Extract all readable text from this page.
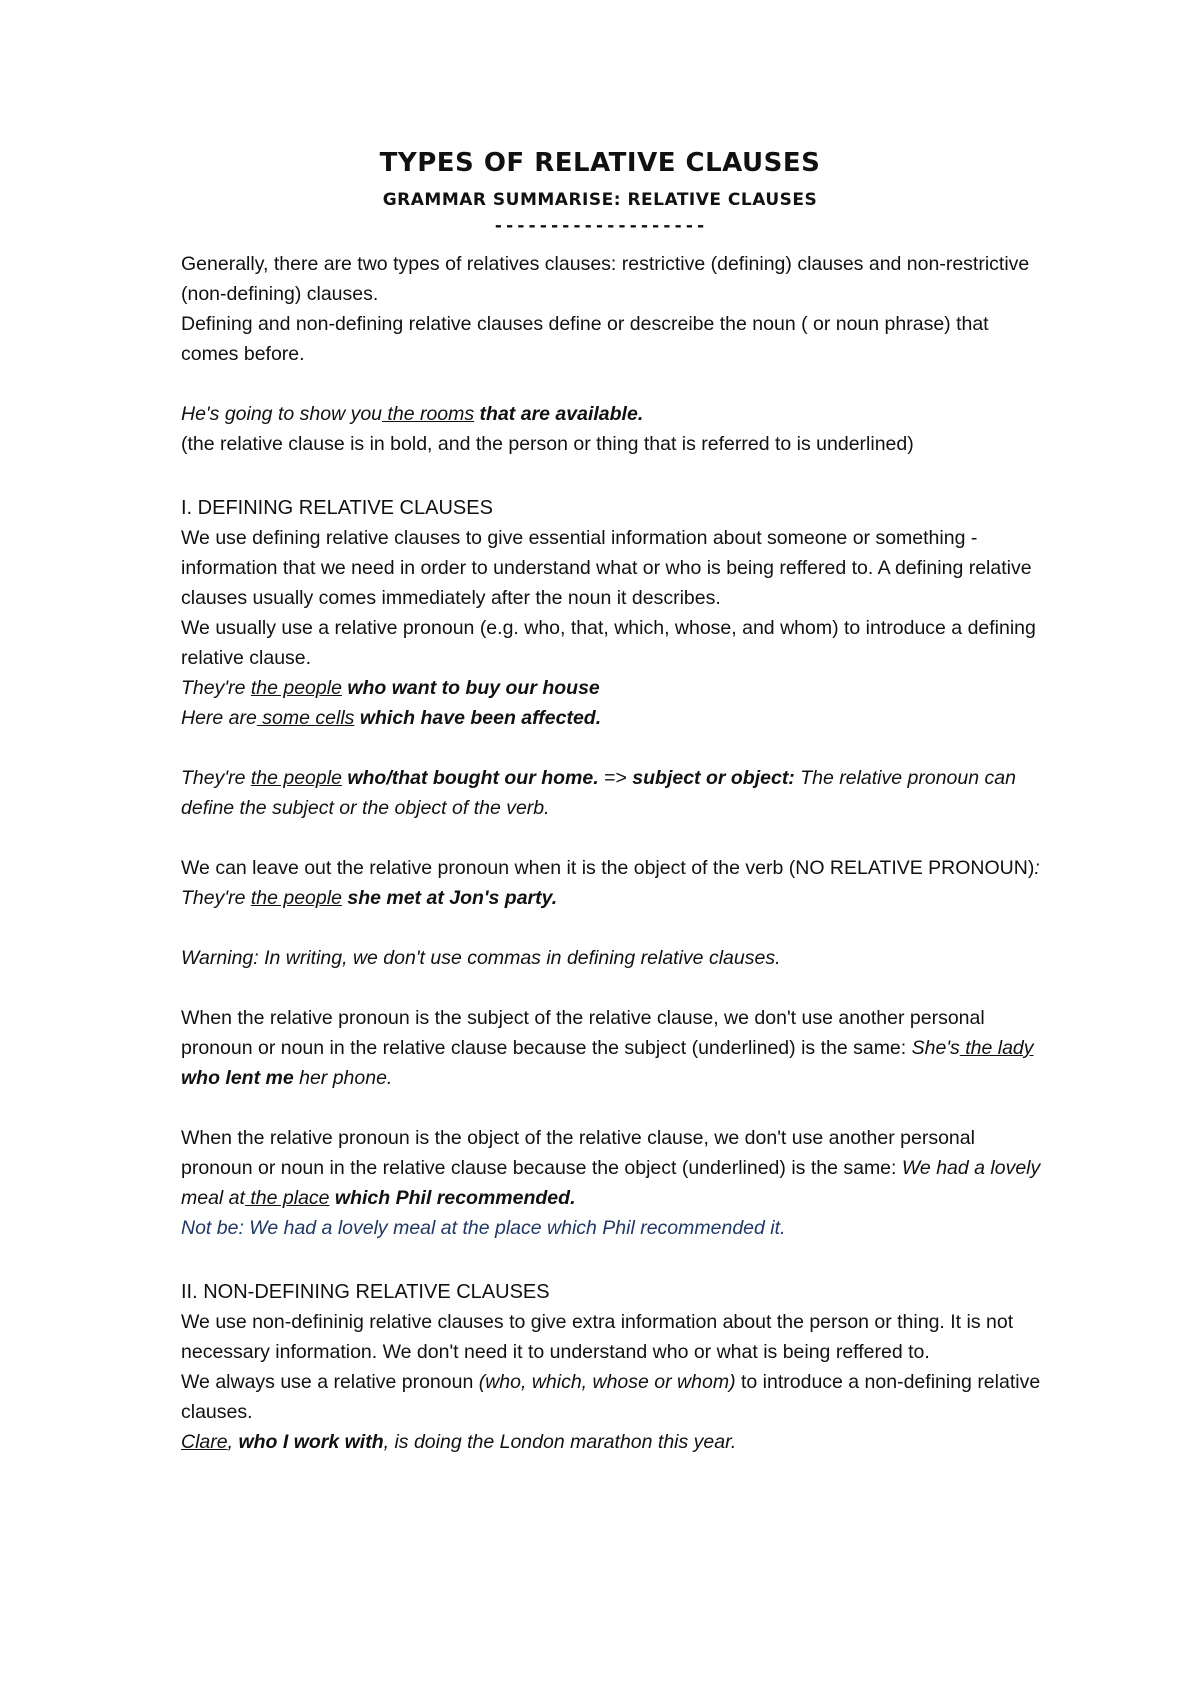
TYPES OF RELATIVE CLAUSES
GRAMMAR SUMMARISE: RELATIVE CLAUSES
-------------------

Generally, there are two types of relatives clauses: restrictive (defining) clauses and non-restrictive (non-defining) clauses.

Defining and non-defining relative clauses define or descreibe the noun ( or noun phrase) that comes before.

He's going to show you the rooms that are available.

(the relative clause is in bold, and the person or thing that is referred to is underlined)

I. DEFINING RELATIVE CLAUSES

We use defining relative clauses to give essential information about someone or something - information that we need in order to understand what or who is being reffered to. A defining relative clauses usually comes immediately after the noun it describes.

We usually use a relative pronoun (e.g. who, that, which, whose, and whom) to introduce a defining relative clause.

They're the people who want to buy our house

Here are some cells which have been affected.

They're the people who/that bought our home. => subject or object: The relative pronoun can define the subject or the object of the verb.

We can leave out the relative pronoun when it is the object of the verb (NO RELATIVE PRONOUN): They're the people she met at Jon's party.

Warning: In writing, we don't use commas in defining relative clauses.

When the relative pronoun is the subject of the relative clause, we don't use another personal pronoun or noun in the relative clause because the subject (underlined) is the same: She's the lady who lent me her phone.

When the relative pronoun is the object of the relative clause, we don't use another personal pronoun or noun in the relative clause because the object (underlined) is the same: We had a lovely meal at the place which Phil recommended.

Not be: We had a lovely meal at the place which Phil recommended it.

II. NON-DEFINING RELATIVE CLAUSES

We use non-defininig relative clauses to give extra information about the person or thing. It is not necessary information. We don't need it to understand who or what is being reffered to.

We always use a relative pronoun (who, which, whose or whom) to introduce a non-defining relative clauses.

Clare, who I work with, is doing the London marathon this year.
